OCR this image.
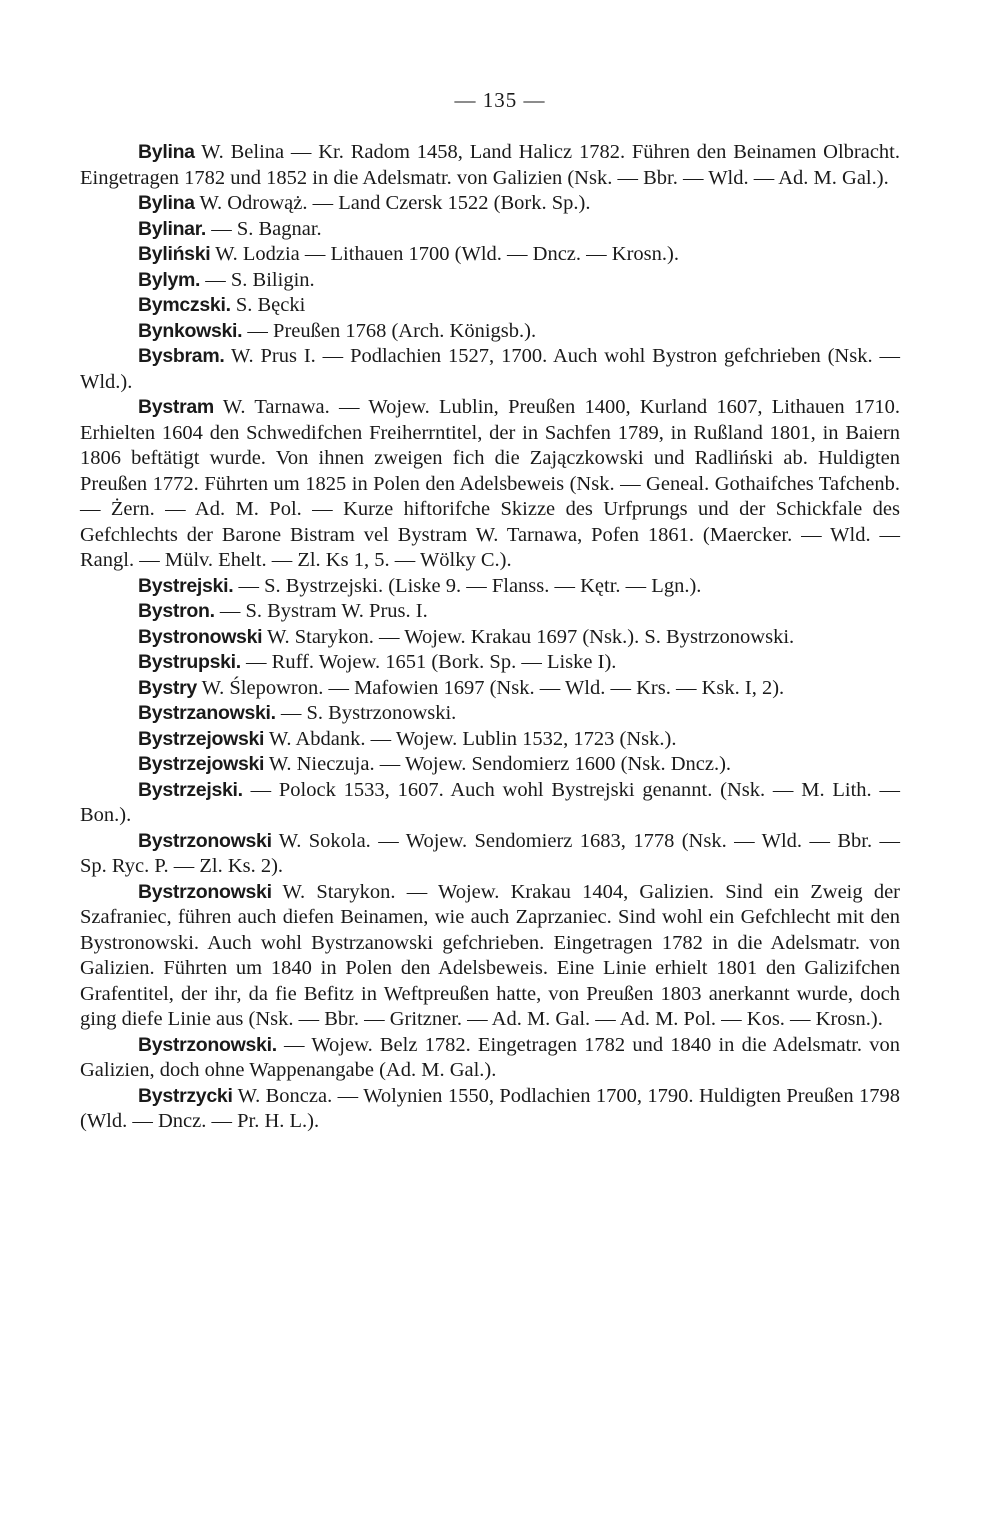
— 135 —

Bylina W. Belina — Kr. Radom 1458, Land Halicz 1782. Führen den Beinamen Olbracht. Eingetragen 1782 und 1852 in die Adelsmatr. von Galizien (Nsk. — Bbr. — Wld. — Ad. M. Gal.).

Bylina W. Odrowąż. — Land Czersk 1522 (Bork. Sp.).

Bylinar. — S. Bagnar.

Byliński W. Lodzia — Lithauen 1700 (Wld. — Dncz. — Krosn.).

Bylym. — S. Biligin.

Bymczski. S. Bęcki

Bynkowski. — Preußen 1768 (Arch. Königsb.).

Bysbram. W. Prus I. — Podlachien 1527, 1700. Auch wohl Bystron gefchrieben (Nsk. — Wld.).

Bystram W. Tarnawa. — Wojew. Lublin, Preußen 1400, Kurland 1607, Lithauen 1710. Erhielten 1604 den Schwedifchen Freiherrntitel, der in Sachfen 1789, in Rußland 1801, in Baiern 1806 beftätigt wurde. Von ihnen zweigen fich die Zajączkowski und Radliński ab. Huldigten Preußen 1772. Führten um 1825 in Polen den Adelsbeweis (Nsk. — Geneal. Gothaifches Tafchenb. — Żern. — Ad. M. Pol. — Kurze hiftorifche Skizze des Urfprungs und der Schickfale des Gefchlechts der Barone Bistram vel Bystram W. Tarnawa, Pofen 1861. (Maercker. — Wld. — Rangl. — Mülv. Ehelt. — Zl. Ks 1, 5. — Wölky C.).

Bystrejski. — S. Bystrzejski. (Liske 9. — Flanss. — Kętr. — Lgn.).

Bystron. — S. Bystram W. Prus. I.

Bystronowski W. Starykon. — Wojew. Krakau 1697 (Nsk.). S. Bystrzonowski.

Bystrupski. — Ruff. Wojew. 1651 (Bork. Sp. — Liske I).

Bystry W. Ślepowron. — Mafowien 1697 (Nsk. — Wld. — Krs. — Ksk. I, 2).

Bystrzanowski. — S. Bystrzonowski.

Bystrzejowski W. Abdank. — Wojew. Lublin 1532, 1723 (Nsk.).

Bystrzejowski W. Nieczuja. — Wojew. Sendomierz 1600 (Nsk. Dncz.).

Bystrzejski. — Polock 1533, 1607. Auch wohl Bystrejski genannt. (Nsk. — M. Lith. — Bon.).

Bystrzonowski W. Sokola. — Wojew. Sendomierz 1683, 1778 (Nsk. — Wld. — Bbr. — Sp. Ryc. P. — Zl. Ks. 2).

Bystrzonowski W. Starykon. — Wojew. Krakau 1404, Galizien. Sind ein Zweig der Szafraniec, führen auch diefen Beinamen, wie auch Zaprzaniec. Sind wohl ein Gefchlecht mit den Bystronowski. Auch wohl Bystrzanowski gefchrieben. Eingetragen 1782 in die Adelsmatr. von Galizien. Führten um 1840 in Polen den Adelsbeweis. Eine Linie erhielt 1801 den Galizifchen Grafentitel, der ihr, da fie Befitz in Weftpreußen hatte, von Preußen 1803 anerkannt wurde, doch ging diefe Linie aus (Nsk. — Bbr. — Gritzner. — Ad. M. Gal. — Ad. M. Pol. — Kos. — Krosn.).

Bystrzonowski. — Wojew. Belz 1782. Eingetragen 1782 und 1840 in die Adelsmatr. von Galizien, doch ohne Wappenangabe (Ad. M. Gal.).

Bystrzycki W. Boncza. — Wolynien 1550, Podlachien 1700, 1790. Huldigten Preußen 1798 (Wld. — Dncz. — Pr. H. L.).
